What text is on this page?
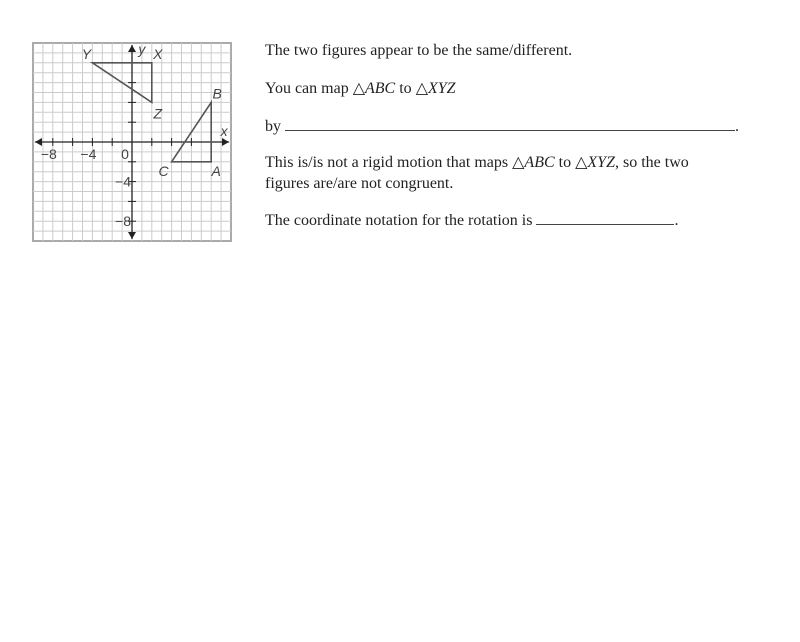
−8 −4 0
−4
−8
x
y
A
B
C
X
Y
Z
The two figures appear to be the same/different.
You can map △ABC to △XYZ
by	.
This is/is not a rigid motion that maps △ABC to △XYZ, so the two
figures are/are not congruent.
The coordinate notation for the rotation is	.
